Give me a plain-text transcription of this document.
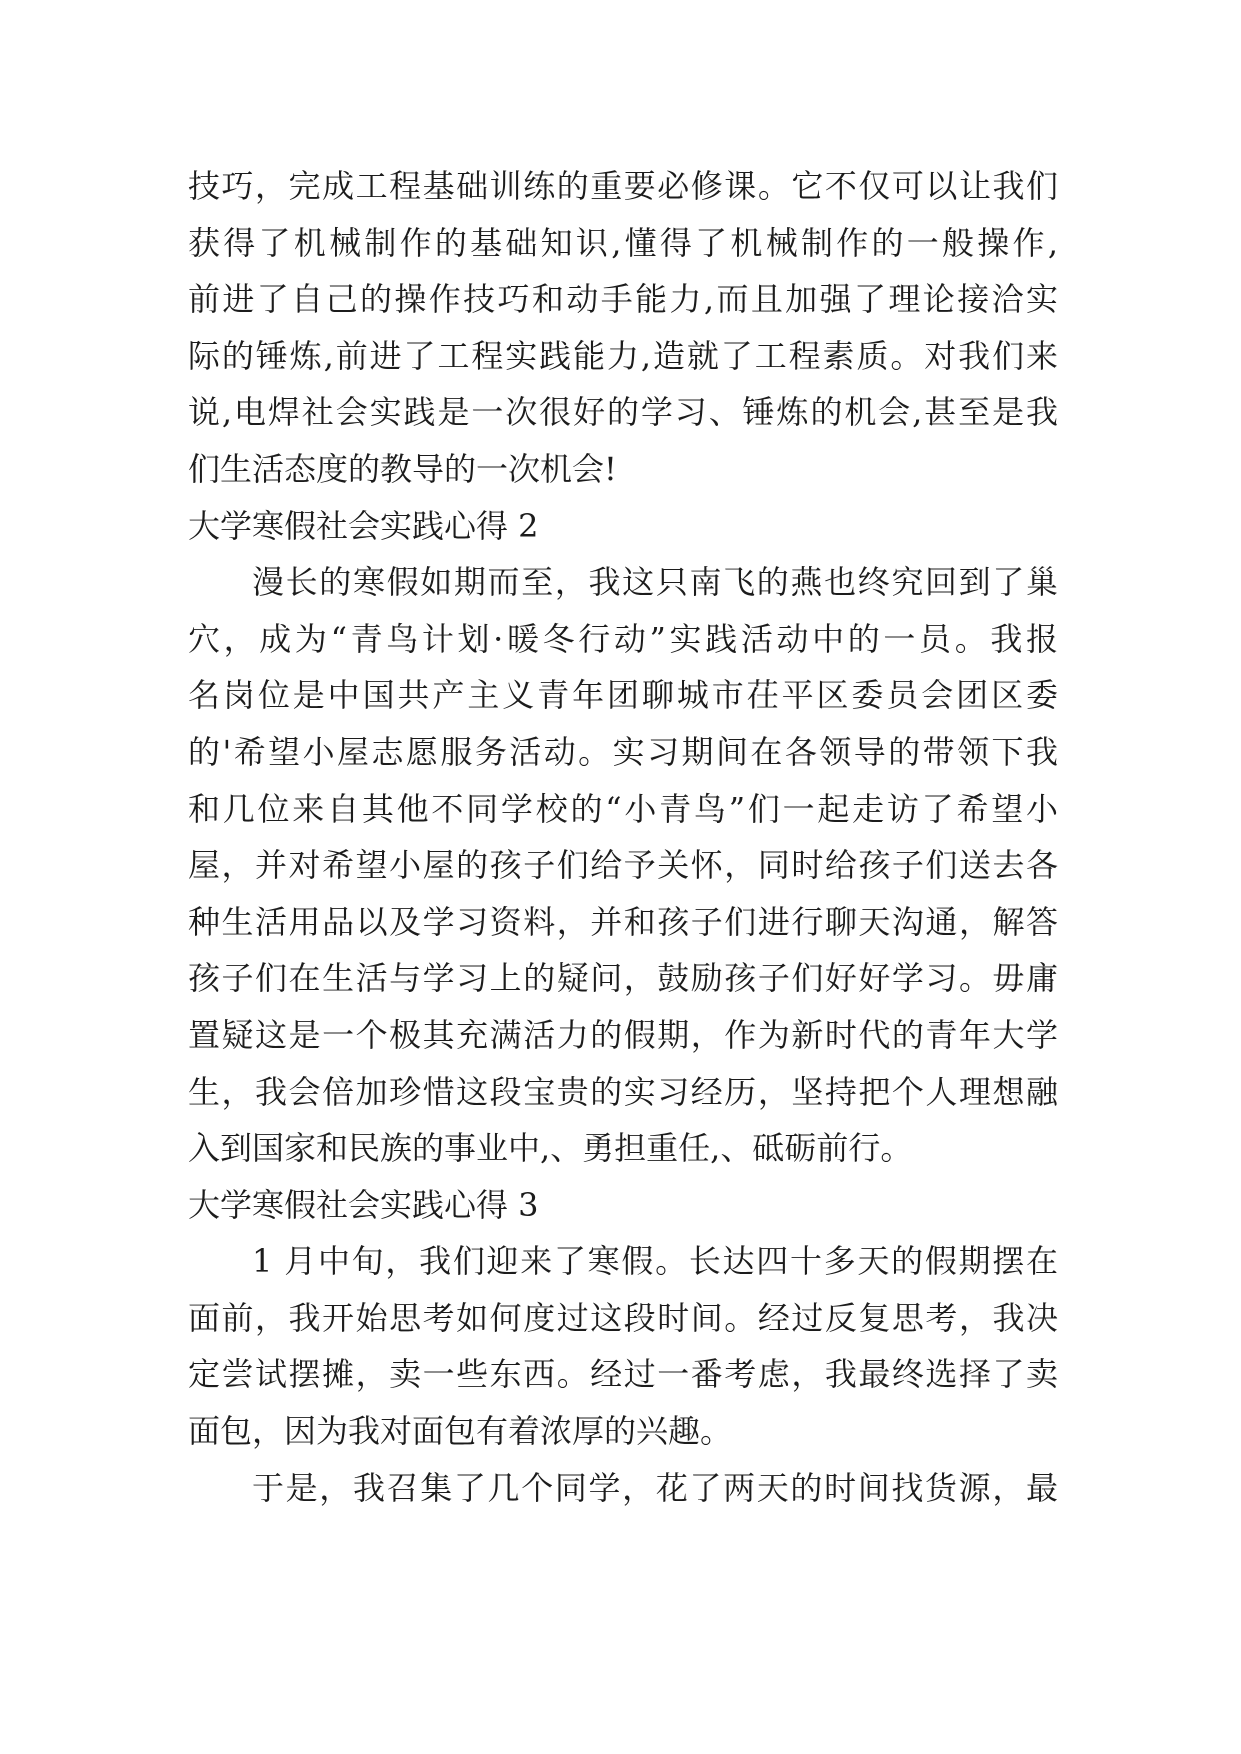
技巧，完成工程基础训练的重要必修课。它不仅可以让我们
获得了机械制作的基础知识,懂得了机械制作的一般操作,
前进了自己的操作技巧和动手能力,而且加强了理论接洽实
际的锤炼,前进了工程实践能力,造就了工程素质。对我们来
说,电焊社会实践是一次很好的学习、锤炼的机会,甚至是我
们生活态度的教导的一次机会!
大学寒假社会实践心得 2
漫长的寒假如期而至，我这只南飞的燕也终究回到了巢
穴，成为“青鸟计划·暖冬行动”实践活动中的一员。我报
名岗位是中国共产主义青年团聊城市茌平区委员会团区委
的'希望小屋志愿服务活动。实习期间在各领导的带领下我
和几位来自其他不同学校的“小青鸟”们一起走访了希望小
屋，并对希望小屋的孩子们给予关怀，同时给孩子们送去各
种生活用品以及学习资料，并和孩子们进行聊天沟通，解答
孩子们在生活与学习上的疑问，鼓励孩子们好好学习。毋庸
置疑这是一个极其充满活力的假期，作为新时代的青年大学
生，我会倍加珍惜这段宝贵的实习经历，坚持把个人理想融
入到国家和民族的事业中,、勇担重任,、砥砺前行。
大学寒假社会实践心得 3
1 月中旬，我们迎来了寒假。长达四十多天的假期摆在
面前，我开始思考如何度过这段时间。经过反复思考，我决
定尝试摆摊，卖一些东西。经过一番考虑，我最终选择了卖
面包，因为我对面包有着浓厚的兴趣。
于是，我召集了几个同学，花了两天的时间找货源，最
